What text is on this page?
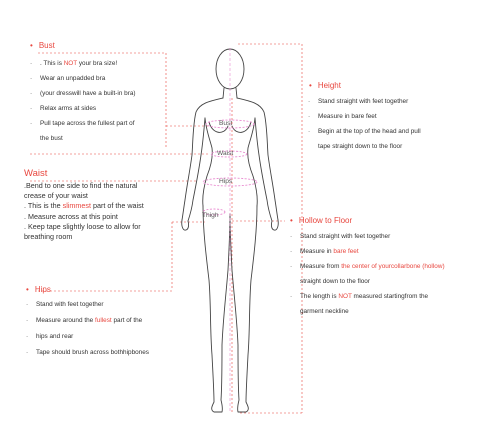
Bust
Waist
Hips
Thigh
• Bust
· . This is NOT your bra size!
· Wear an unpadded bra
· (your dresswill have a built-in bra)
· Relax arms at sides
· Pull tape across the fullest part of
the bust
Waist
.Bend to one side to find the natural
crease of your waist
. This is the slimmest part of the waist
. Measure across at this point
. Keep tape slightly loose to allow for
breathing room
• Hips
· Stand with feet together
· Measure around the fullest part of the
· hips and rear
· Tape should brush across bothhipbones
• Height
· Stand straight with feet together
· Measure in bare feet
· Begin at the top of the head and pull
tape straight down to the floor
• Hollow to Floor
· Stand straight with feet together
· Measure in bare feet
· Measure from the center of yourcollarbone (hollow)
straight down to the floor
· The length is NOT measured startingfrom the
garment neckline
